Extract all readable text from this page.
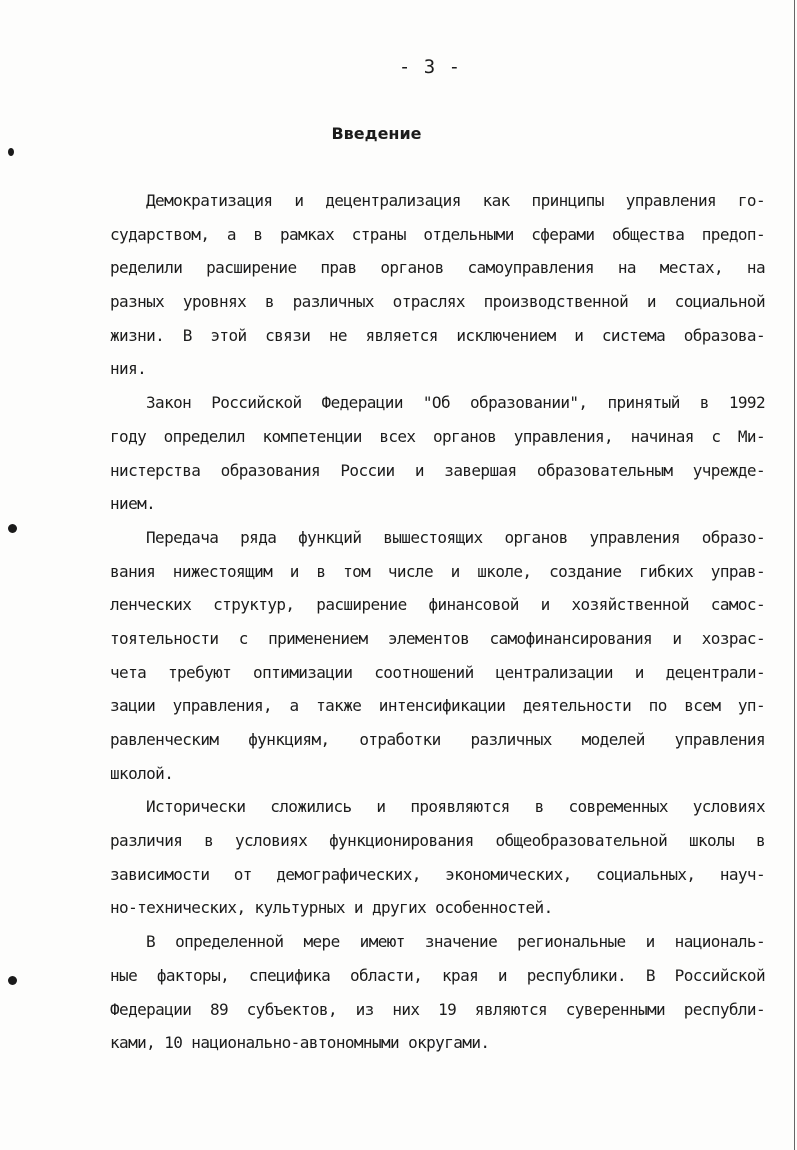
- 3 -
Введение
Демократизация и децентрализация как принципы управления го-
сударством, а в рамках страны отдельными сферами общества предоп-
ределили расширение прав органов самоуправления на местах, на
разных уровнях в различных отраслях производственной и социальной
жизни. В этой связи не является исключением и система образова-
ния.
Закон Российской Федерации "Об образовании", принятый в 1992
году определил компетенции всех органов управления, начиная с Ми-
нистерства образования России и завершая образовательным учрежде-
нием.
Передача ряда функций вышестоящих органов управления образо-
вания нижестоящим и в том числе и школе, создание гибких управ-
ленческих структур, расширение финансовой и хозяйственной самос-
тоятельности с применением элементов самофинансирования и хозрас-
чета требуют оптимизации соотношений централизации и децентрали-
зации управления, а также интенсификации деятельности по всем уп-
равленческим функциям, отработки различных моделей управления
школой.
Исторически сложились и проявляются в современных условиях
различия в условиях функционирования общеобразовательной школы в
зависимости от демографических, экономических, социальных, науч-
но-технических, культурных и других особенностей.
В определенной мере имеют значение региональные и националь-
ные факторы, специфика области, края и республики. В Российской
Федерации 89 субъектов, из них 19 являются суверенными республи-
ками, 10 национально-автономными округами.
